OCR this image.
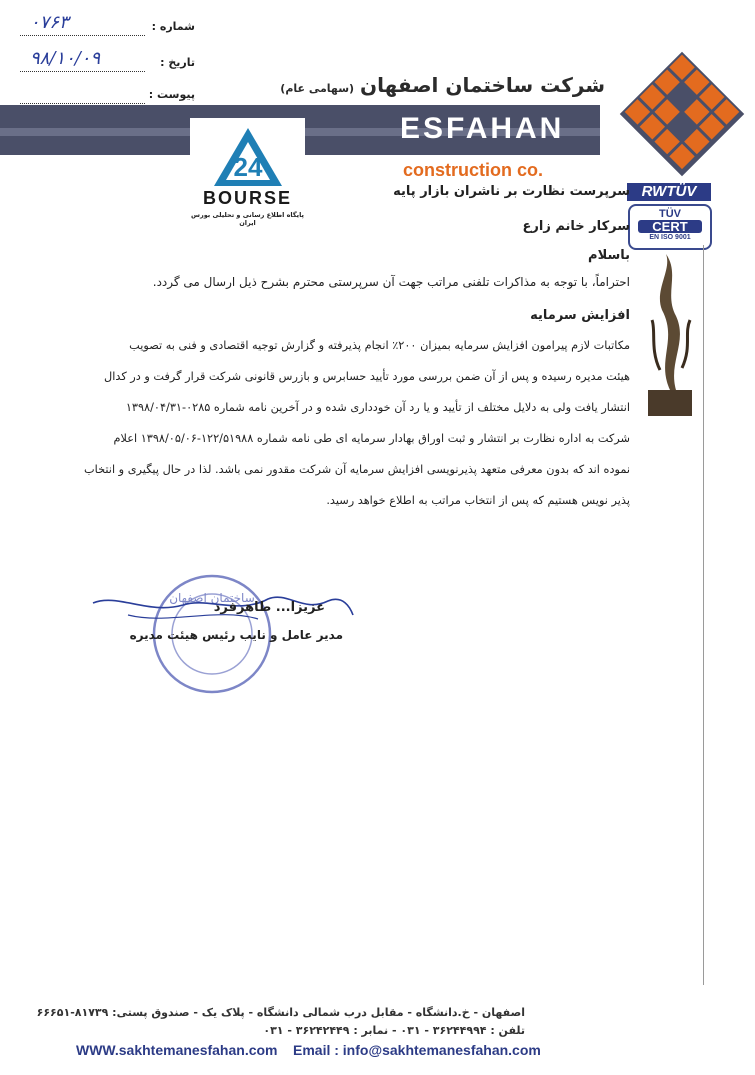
شماره :
۰۷۶۳
تاریخ :
۹۸/۱۰/۰۹
پیوست :	شرکت ساختمان اصفهان(سهامی عام)
ESFAHAN
construction co.
24
BOURSE
پایگاه اطلاع رسانی و تحلیلی بورس ایران
RWTÜV
TÜV
CERT
EN ISO 9001
سرپرست نظارت بر ناشران بازار پایه
سرکار خانم زارع
باسلام
احتراماً، با توجه به مذاکرات تلفنی مراتب جهت آن سرپرستی محترم بشرح ذیل ارسال می گردد.
افزایش سرمایه

مکاتبات لازم پیرامون افزایش سرمایه بمیزان ۲۰۰٪ انجام پذیرفته و گزارش توجیه اقتصادی و فنی به تصویب

هیئت مدیره رسیده و پس از آن ضمن بررسی مورد تأیید حسابرس و بازرس قانونی شرکت قرار گرفت و در کدال

انتشار یافت ولی به دلایل مختلف از تأیید و یا رد آن خودداری شده و در آخرین نامه شماره ۰۲۸۵-۱۳۹۸/۰۴/۳۱

شرکت به اداره نظارت بر انتشار و ثبت اوراق بهادار سرمایه ای طی نامه شماره ۱۲۲/۵۱۹۸۸-۱۳۹۸/۰۵/۰۶ اعلام

نموده اند که بدون معرفی متعهد پذیرنویسی افزایش سرمایه آن شرکت مقدور نمی باشد. لذا در حال پیگیری و انتخاب

پذیر نویس هستیم که پس از انتخاب مراتب به اطلاع خواهد رسید.

ساختمان اصفهان
عزیزا... طاهرفرد
مدیر عامل و نایب رئیس هیئت مدیره
اصفهان - خ.دانشگاه - مقابل درب شمالی دانشگاه - پلاک یک - صندوق پستی: ۸۱۷۳۹-۶۶۶۵۱
تلفن : ۳۶۲۴۴۹۹۴ - ۰۳۱ - نمابر : ۳۶۲۴۲۴۴۹ - ۰۳۱
WWW.sakhtemanesfahan.com Email : info@sakhtemanesfahan.com
